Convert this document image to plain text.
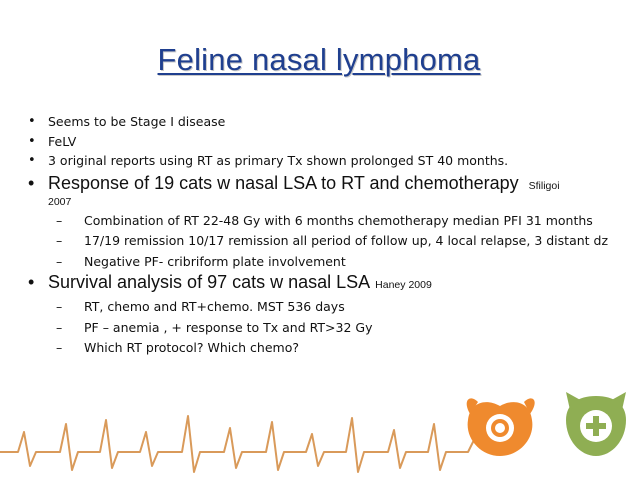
Feline nasal lymphoma

• Seems to be Stage I disease

• FeLV

• 3 original reports using RT as primary Tx shown prolonged ST 40 months.

• Response of 19 cats w nasal LSA to RT and chemotherapy Sfiligoi
2007

– Combination of RT 22-48 Gy with 6 months chemotherapy median PFI 31 months

– 17/19 remission 10/17 remission all period of follow up, 4 local relapse, 3 distant dz

– Negative PF- cribriform plate involvement

• Survival analysis of 97 cats w nasal LSA Haney 2009

– RT, chemo and RT+chemo. MST 536 days

– PF – anemia , + response to Tx and RT>32 Gy

– Which RT protocol? Which chemo?
